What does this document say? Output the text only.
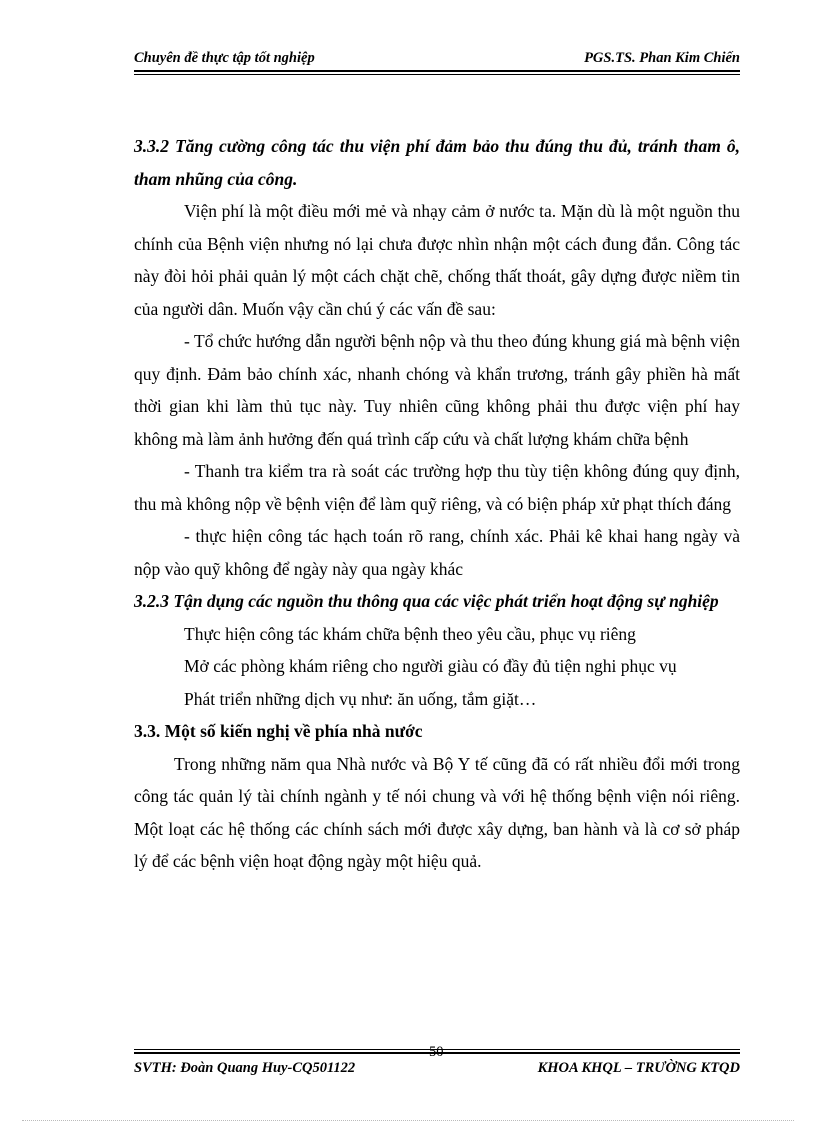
Chuyên đề thực tập tốt nghiệp	PGS.TS. Phan Kim Chiến

3.3.2 Tăng cường công tác thu viện phí đảm bảo thu đúng thu đủ, tránh tham ô, tham nhũng của công.

Viện phí là một điều mới mẻ và nhạy cảm ở nước ta. Mặn dù là một nguồn thu chính của Bệnh viện nhưng nó lại chưa được nhìn nhận một cách đung đắn. Công tác này đòi hỏi phải quản lý một cách chặt chẽ, chống thất thoát, gây dựng được niềm tin của người dân. Muốn vậy cần chú ý các vấn đề sau:

- Tổ chức hướng dẫn người bệnh nộp và thu theo đúng khung giá mà bệnh viện quy định. Đảm bảo chính xác, nhanh chóng và khẩn trương, tránh gây phiền hà mất thời gian khi làm thủ tục này. Tuy nhiên cũng không phải thu được viện phí hay không mà làm ảnh hưởng đến quá trình cấp cứu và chất lượng khám chữa bệnh

- Thanh tra kiểm tra rà soát các trường hợp thu tùy tiện không đúng quy định, thu mà không nộp về bệnh viện để làm quỹ riêng, và có biện pháp xử phạt thích đáng

- thực hiện công tác hạch toán rõ rang, chính xác. Phải kê khai hang ngày và nộp vào quỹ không để ngày này qua ngày khác

3.2.3 Tận dụng các nguồn thu thông qua các việc phát triển hoạt động sự nghiệp

Thực hiện công tác khám chữa bệnh theo yêu cầu, phục vụ riêng

Mở các phòng khám riêng cho người giàu có đầy đủ tiện nghi phục vụ

Phát triển những dịch vụ như: ăn uống, tắm giặt…

3.3. Một số kiến nghị về phía nhà nước

Trong những năm qua Nhà nước và Bộ Y tế cũng đã có rất nhiều đổi mới trong công tác quản lý tài chính ngành y tế nói chung và với hệ thống bệnh viện nói riêng. Một loạt các hệ thống các chính sách mới được xây dựng, ban hành và là cơ sở pháp lý để các bệnh viện hoạt động ngày một hiệu quả.

SVTH: Đoàn Quang Huy-CQ501122
50
KHOA KHQL – TRƯỜNG KTQD
